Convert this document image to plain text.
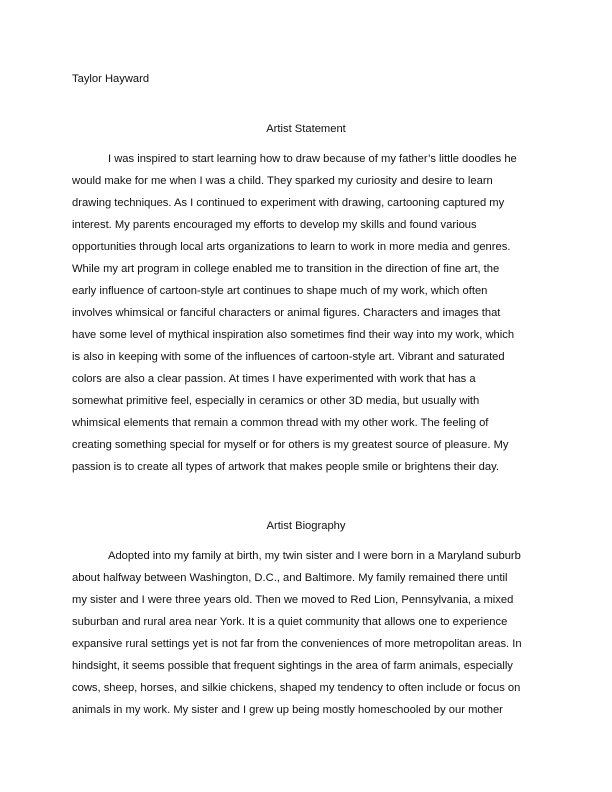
Taylor Hayward
Artist Statement
I was inspired to start learning how to draw because of my father’s little doodles he
would make for me when I was a child. They sparked my curiosity and desire to learn
drawing techniques. As I continued to experiment with drawing, cartooning captured my
interest. My parents encouraged my efforts to develop my skills and found various
opportunities through local arts organizations to learn to work in more media and genres.
While my art program in college enabled me to transition in the direction of fine art, the
early influence of cartoon-style art continues to shape much of my work, which often
involves whimsical or fanciful characters or animal figures. Characters and images that
have some level of mythical inspiration also sometimes find their way into my work, which
is also in keeping with some of the influences of cartoon-style art. Vibrant and saturated
colors are also a clear passion. At times I have experimented with work that has a
somewhat primitive feel, especially in ceramics or other 3D media, but usually with
whimsical elements that remain a common thread with my other work. The feeling of
creating something special for myself or for others is my greatest source of pleasure. My
passion is to create all types of artwork that makes people smile or brightens their day.
Artist Biography
Adopted into my family at birth, my twin sister and I were born in a Maryland suburb
about halfway between Washington, D.C., and Baltimore. My family remained there until
my sister and I were three years old. Then we moved to Red Lion, Pennsylvania, a mixed
suburban and rural area near York. It is a quiet community that allows one to experience
expansive rural settings yet is not far from the conveniences of more metropolitan areas. In
hindsight, it seems possible that frequent sightings in the area of farm animals, especially
cows, sheep, horses, and silkie chickens, shaped my tendency to often include or focus on
animals in my work. My sister and I grew up being mostly homeschooled by our mother
